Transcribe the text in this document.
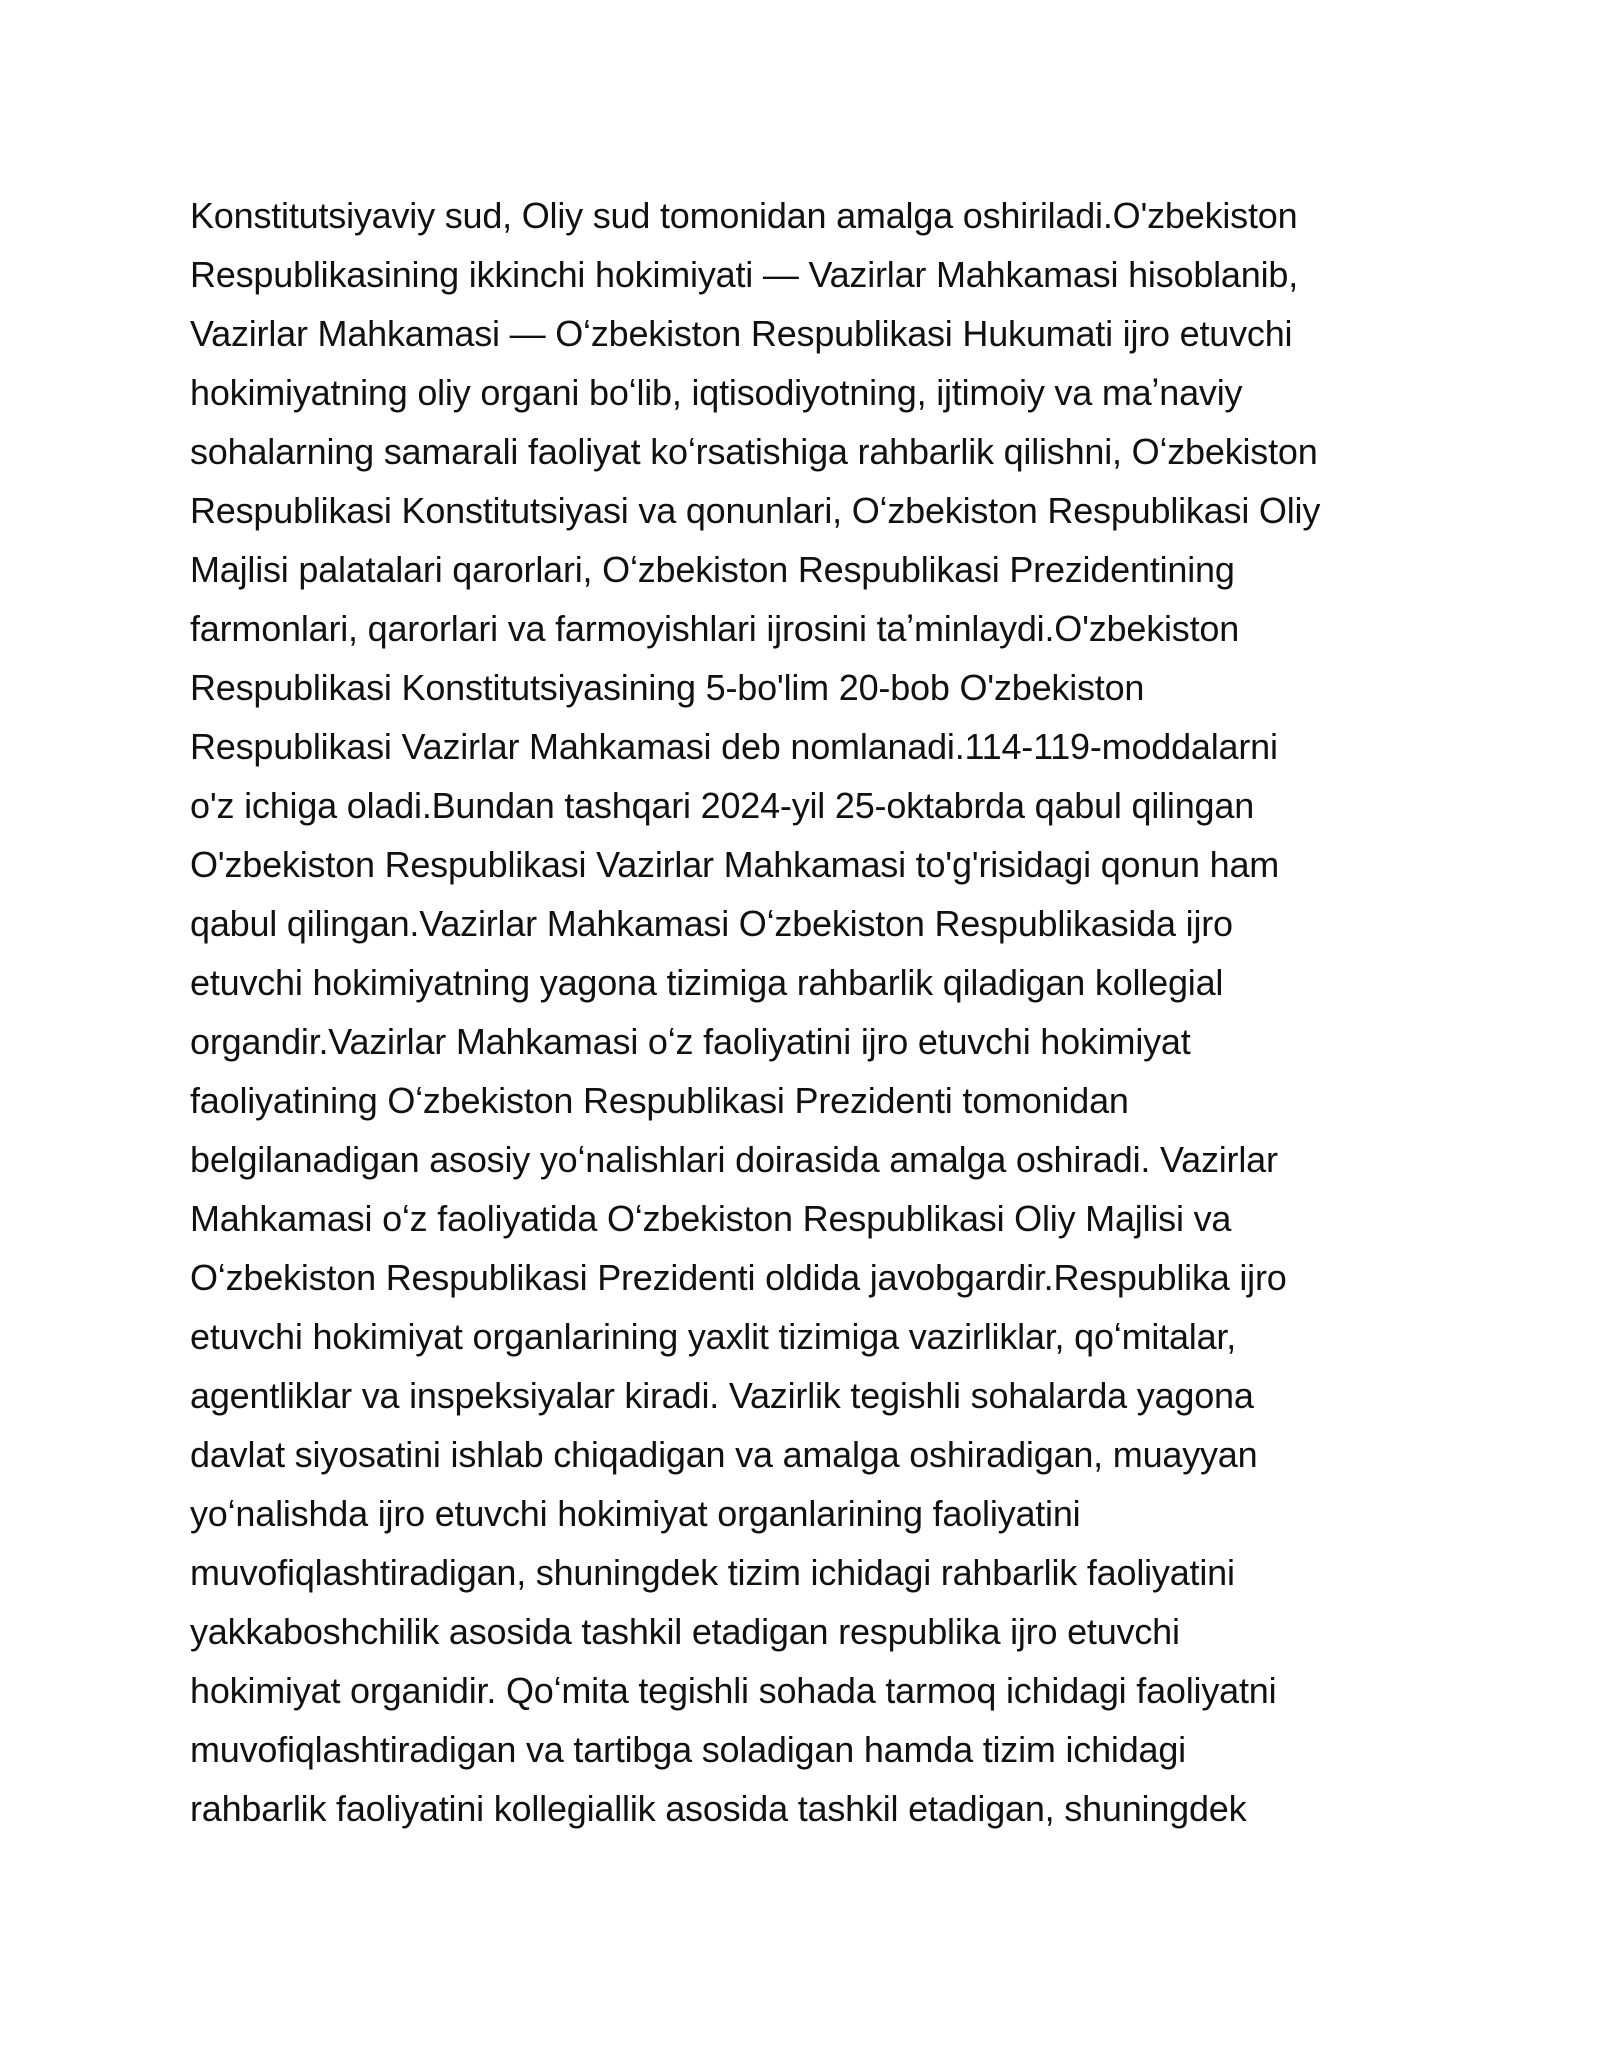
Konstitutsiyaviy sud, Oliy sud tomonidan amalga oshiriladi.O'zbekiston
Respublikasining ikkinchi hokimiyati — Vazirlar Mahkamasi hisoblanib,
Vazirlar Mahkamasi — Oʻzbekiston Respublikasi Hukumati ijro etuvchi
hokimiyatning oliy organi boʻlib, iqtisodiyotning, ijtimoiy va maʼnaviy
sohalarning samarali faoliyat koʻrsatishiga rahbarlik qilishni, Oʻzbekiston
Respublikasi Konstitutsiyasi va qonunlari, Oʻzbekiston Respublikasi Oliy
Majlisi palatalari qarorlari, Oʻzbekiston Respublikasi Prezidentining
farmonlari, qarorlari va farmoyishlari ijrosini taʼminlaydi.O'zbekiston
Respublikasi Konstitutsiyasining 5-bo'lim 20-bob O'zbekiston
Respublikasi Vazirlar Mahkamasi deb nomlanadi.114-119-moddalarni
o'z ichiga oladi.Bundan tashqari 2024-yil 25-oktabrda qabul qilingan
O'zbekiston Respublikasi Vazirlar Mahkamasi to'g'risidagi qonun ham
qabul qilingan.Vazirlar Mahkamasi Oʻzbekiston Respublikasida ijro
etuvchi hokimiyatning yagona tizimiga rahbarlik qiladigan kollegial
organdir.Vazirlar Mahkamasi oʻz faoliyatini ijro etuvchi hokimiyat
faoliyatining Oʻzbekiston Respublikasi Prezidenti tomonidan
belgilanadigan asosiy yoʻnalishlari doirasida amalga oshiradi. Vazirlar
Mahkamasi oʻz faoliyatida Oʻzbekiston Respublikasi Oliy Majlisi va
Oʻzbekiston Respublikasi Prezidenti oldida javobgardir.Respublika ijro
etuvchi hokimiyat organlarining yaxlit tizimiga vazirliklar, qoʻmitalar,
agentliklar va inspeksiyalar kiradi. Vazirlik tegishli sohalarda yagona
davlat siyosatini ishlab chiqadigan va amalga oshiradigan, muayyan
yoʻnalishda ijro etuvchi hokimiyat organlarining faoliyatini
muvofiqlashtiradigan, shuningdek tizim ichidagi rahbarlik faoliyatini
yakkaboshchilik asosida tashkil etadigan respublika ijro etuvchi
hokimiyat organidir. Qoʻmita tegishli sohada tarmoq ichidagi faoliyatni
muvofiqlashtiradigan va tartibga soladigan hamda tizim ichidagi
rahbarlik faoliyatini kollegiallik asosida tashkil etadigan, shuningdek
